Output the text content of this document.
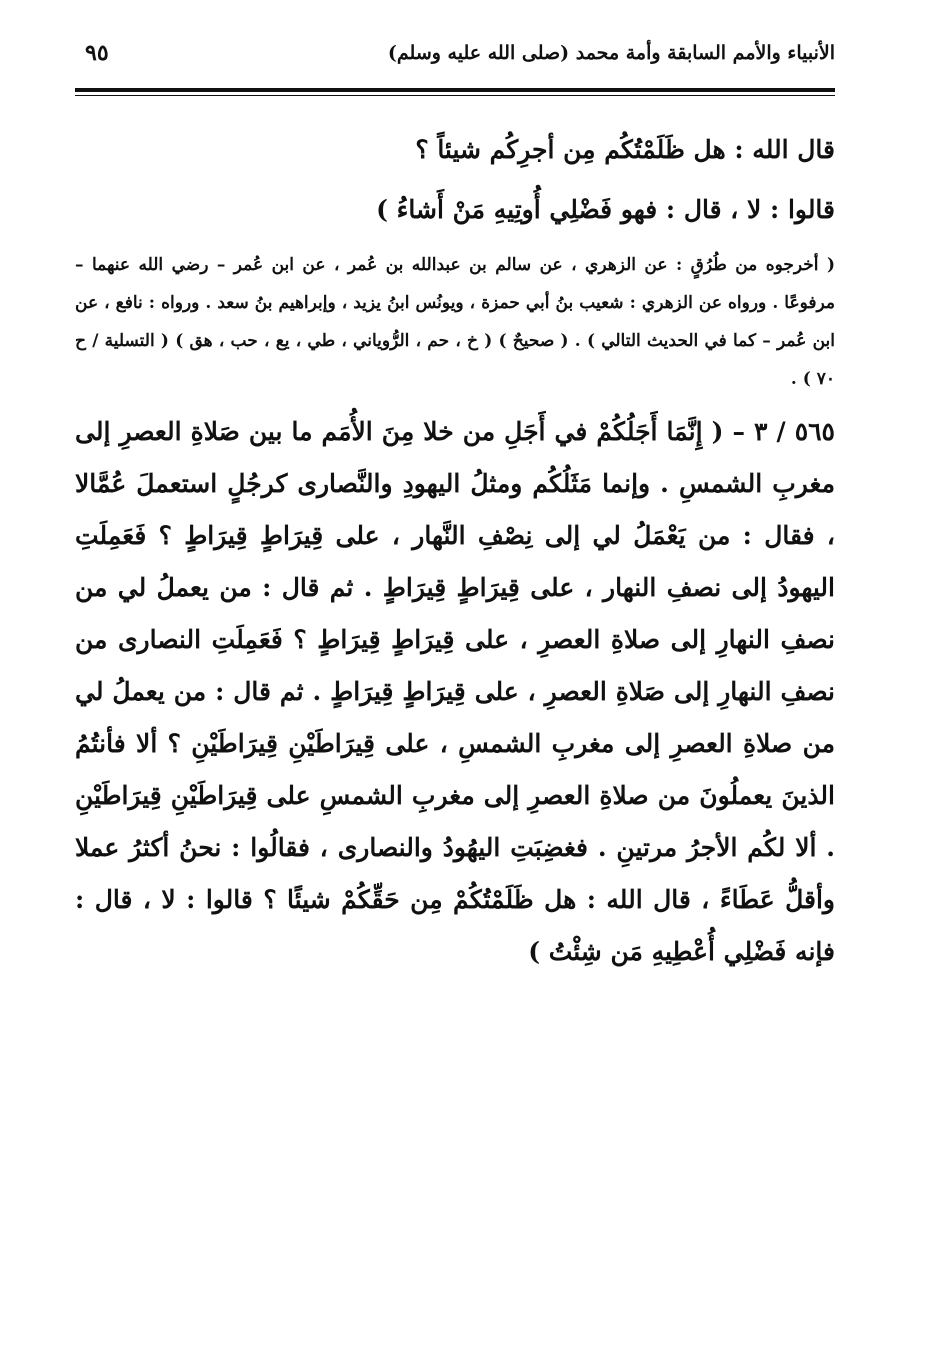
الأنبياء والأمم السابقة وأمة محمد (صلى الله عليه وسلم)
٩٥

قال الله : هل ظَلَمْتُكُم مِن أجرِكُم شيئاً ؟

قالوا : لا ، قال : فهو فَضْلِي أُوتِيهِ مَنْ أَشاءُ )

( أخرجوه من طُرُقٍ : عن الزهري ، عن سالم بن عبدالله بن عُمر ، عن ابن عُمر – رضي الله عنهما – مرفوعًا . ورواه عن الزهري : شعيب بنُ أبي حمزة ، ويونُس ابنُ يزيد ، وإبراهيم بنُ سعد . ورواه : نافع ، عن ابن عُمر – كما في الحديث التالي ) . ( صحيحٌ ) ( خ ، حم ، الرُّوياني ، طي ، يع ، حب ، هق ) ( التسلية / ح ٧٠ ) .

٥٦٥ / ٣ – ( إِنَّمَا أَجَلُكُمْ في أَجَلِ من خلا مِنَ الأُمَم ما بين صَلاةِ العصرِ إلى مغربِ الشمسِ . وإنما مَثَلُكُم ومثلُ اليهودِ والنَّصارى كرجُلٍ استعملَ عُمَّالا ، فقال : من يَعْمَلُ لي إلى نِصْفِ النَّهار ، على قِيرَاطٍ قِيرَاطٍ ؟ فَعَمِلَتِ اليهودُ إلى نصفِ النهار ، على قِيرَاطٍ قِيرَاطٍ . ثم قال : من يعملُ لي من نصفِ النهارِ إلى صلاةِ العصرِ ، على قِيرَاطٍ قِيرَاطٍ ؟ فَعَمِلَتِ النصارى من نصفِ النهارِ إلى صَلاةِ العصرِ ، على قِيرَاطٍ قِيرَاطٍ . ثم قال : من يعملُ لي من صلاةِ العصرِ إلى مغربِ الشمسِ ، على قِيرَاطَيْنِ قِيرَاطَيْنِ ؟ ألا فأنتُمُ الذينَ يعملُونَ من صلاةِ العصرِ إلى مغربِ الشمسِ على قِيرَاطَيْنِ قِيرَاطَيْنِ . ألا لكُم الأجرُ مرتينِ . فغضِبَتِ اليهُودُ والنصارى ، فقالُوا : نحنُ أكثرُ عملا وأقلُّ عَطَاءً ، قال الله : هل ظَلَمْتُكُمْ مِن حَقِّكُمْ شيئًا ؟ قالوا : لا ، قال : فإنه فَضْلِي أُعْطِيهِ مَن شِئْتُ )
